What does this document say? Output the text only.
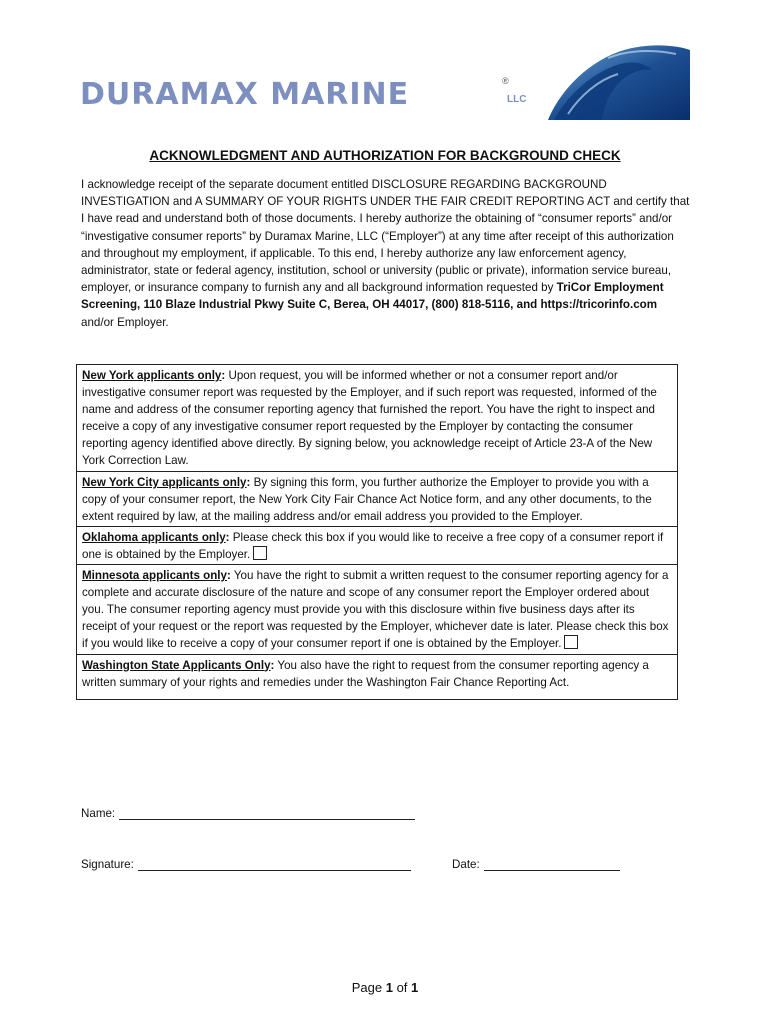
DURAMAX MARINE	®
LLC
ACKNOWLEDGMENT AND AUTHORIZATION FOR BACKGROUND CHECK
I acknowledge receipt of the separate document entitled DISCLOSURE REGARDING BACKGROUND INVESTIGATION and A SUMMARY OF YOUR RIGHTS UNDER THE FAIR CREDIT REPORTING ACT and certify that I have read and understand both of those documents. I hereby authorize the obtaining of “consumer reports” and/or “investigative consumer reports” by Duramax Marine, LLC (“Employer”) at any time after receipt of this authorization and throughout my employment, if applicable. To this end, I hereby authorize any law enforcement agency, administrator, state or federal agency, institution, school or university (public or private), information service bureau, employer, or insurance company to furnish any and all background information requested by TriCor Employment Screening, 110 Blaze Industrial Pkwy Suite C, Berea, OH 44017, (800) 818-5116, and https://tricorinfo.com and/or Employer.
New York applicants only: Upon request, you will be informed whether or not a consumer report and/or investigative consumer report was requested by the Employer, and if such report was requested, informed of the name and address of the consumer reporting agency that furnished the report. You have the right to inspect and receive a copy of any investigative consumer report requested by the Employer by contacting the consumer reporting agency identified above directly. By signing below, you acknowledge receipt of Article 23-A of the New York Correction Law.
New York City applicants only: By signing this form, you further authorize the Employer to provide you with a copy of your consumer report, the New York City Fair Chance Act Notice form, and any other documents, to the extent required by law, at the mailing address and/or email address you provided to the Employer.
Oklahoma applicants only: Please check this box if you would like to receive a free copy of a consumer report if one is obtained by the Employer.
Minnesota applicants only: You have the right to submit a written request to the consumer reporting agency for a complete and accurate disclosure of the nature and scope of any consumer report the Employer ordered about you. The consumer reporting agency must provide you with this disclosure within five business days after its receipt of your request or the report was requested by the Employer, whichever date is later. Please check this box if you would like to receive a copy of your consumer report if one is obtained by the Employer.
Washington State Applicants Only: You also have the right to request from the consumer reporting agency a written summary of your rights and remedies under the Washington Fair Chance Reporting Act.
Name:
Signature:	Date:
Page 1 of 1
